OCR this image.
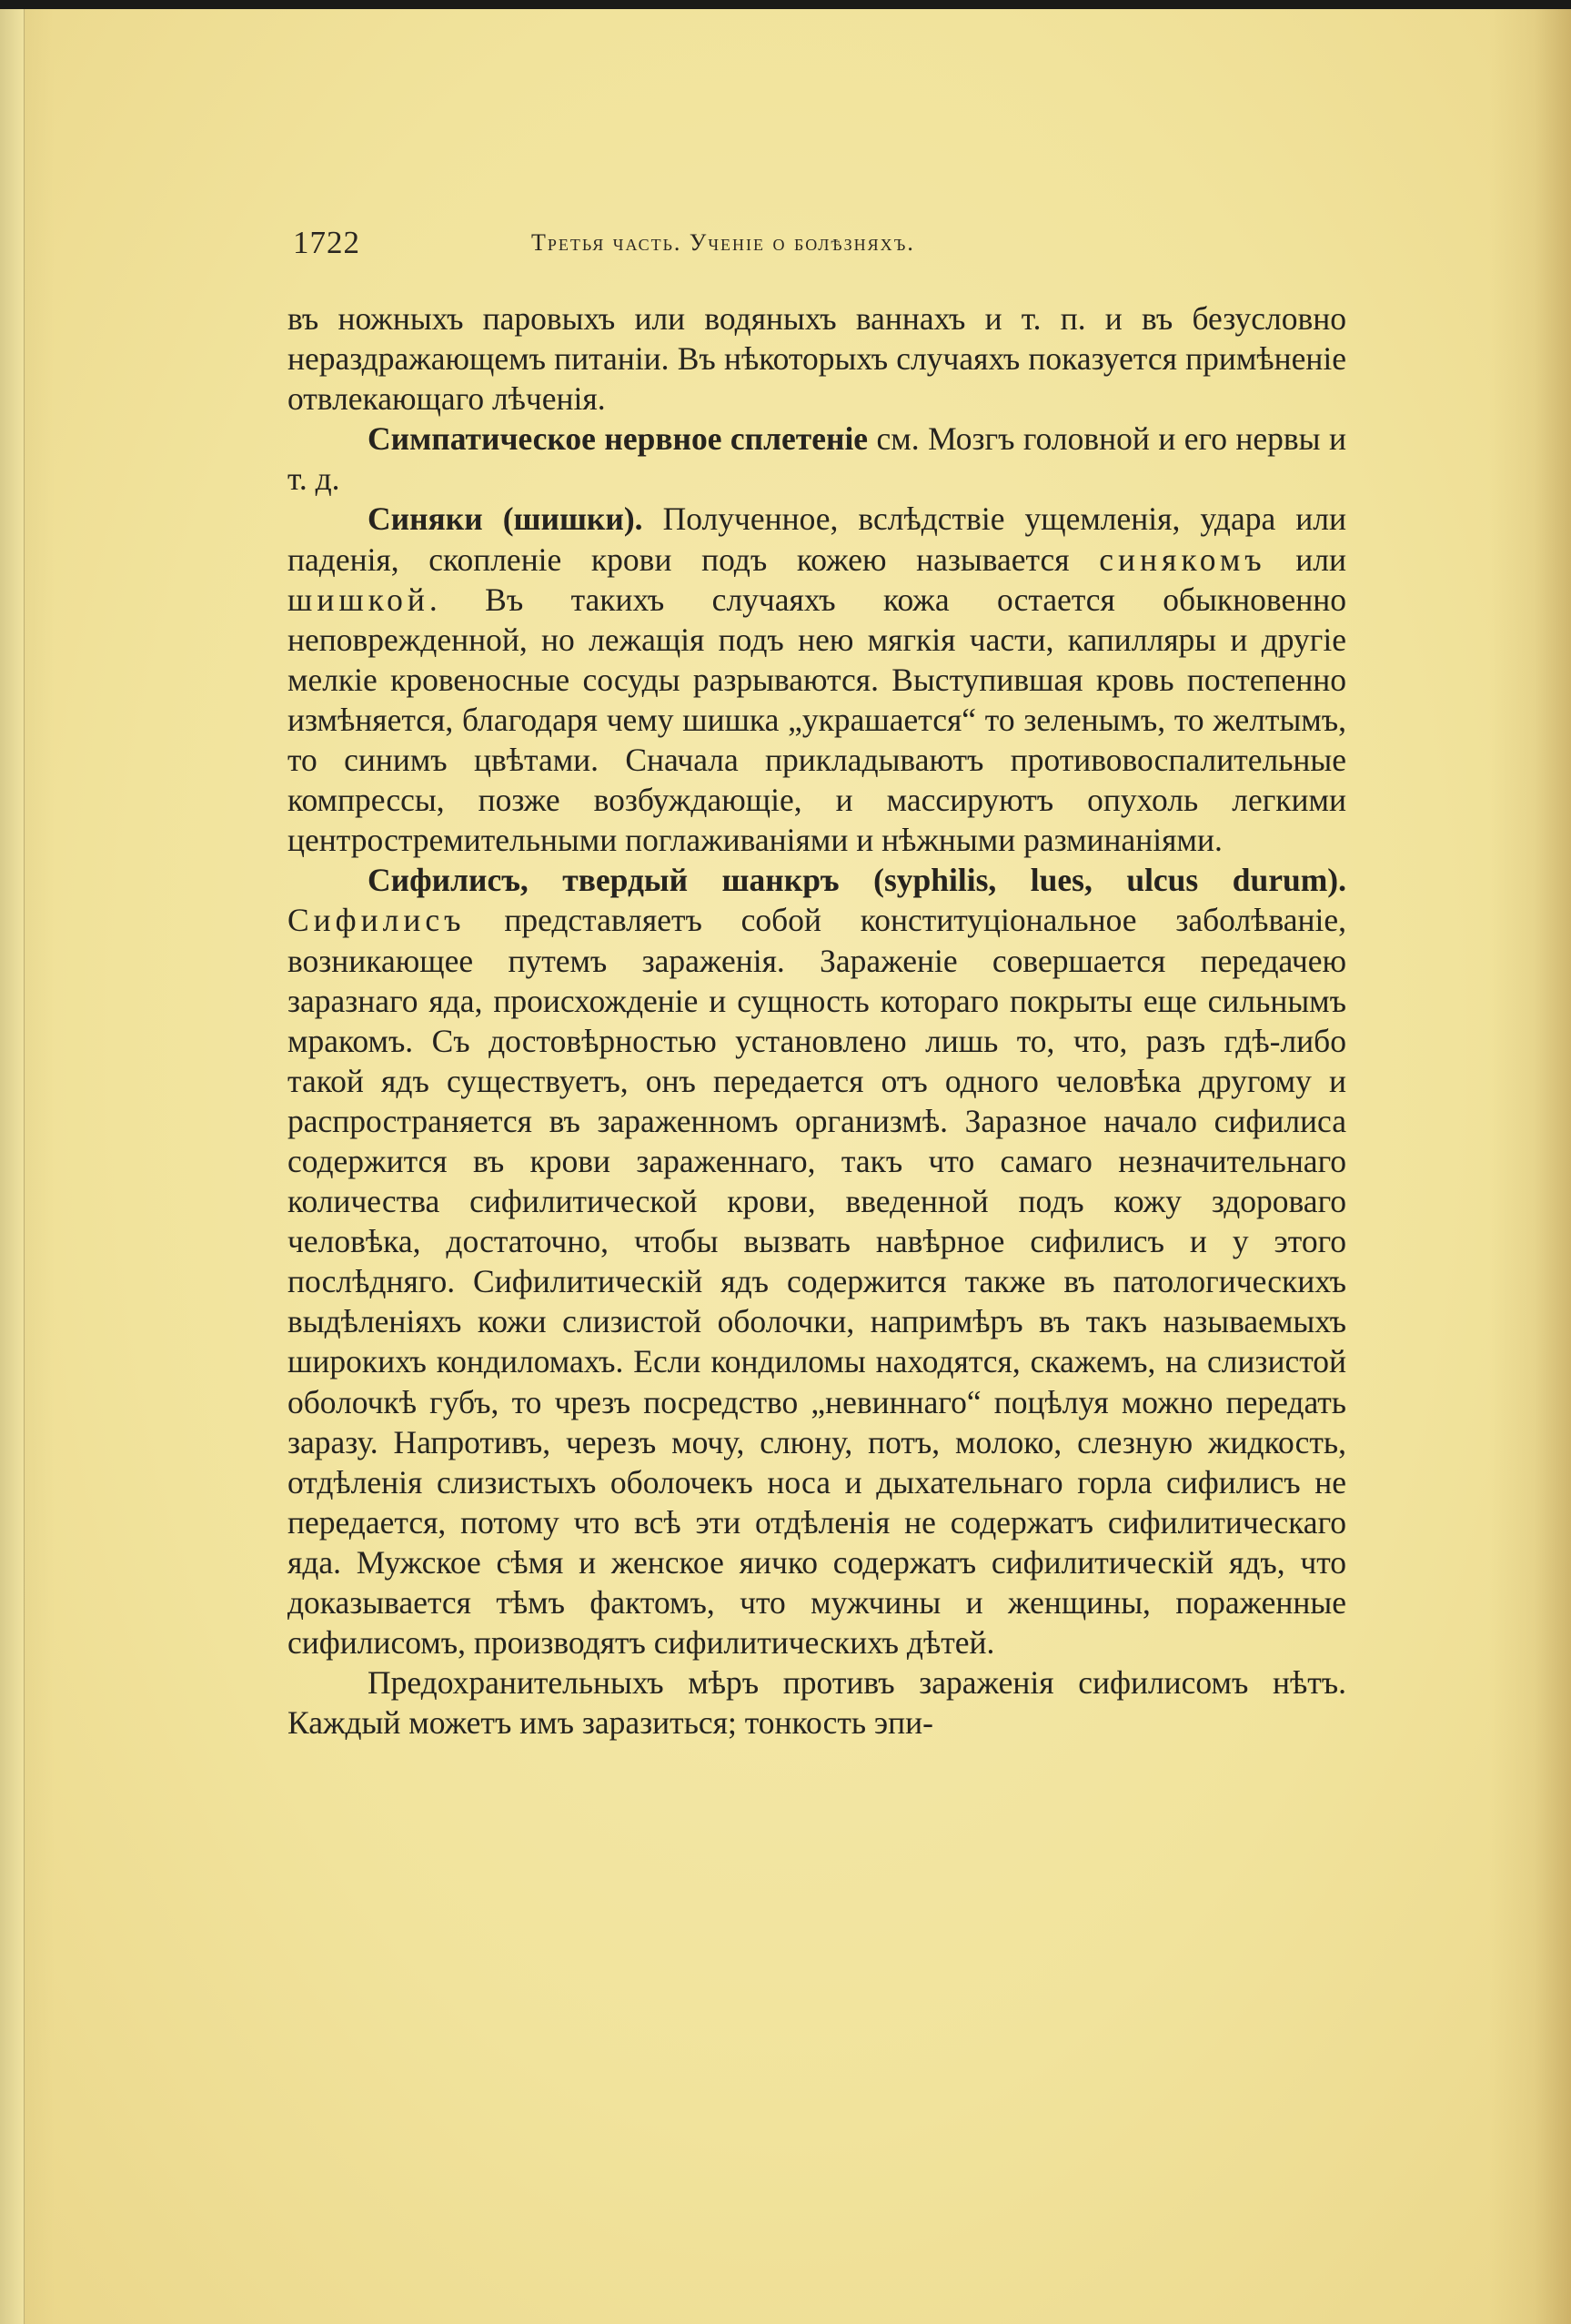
1722	Третья часть. Ученіе о болѣзняхъ.

въ ножныхъ паровыхъ или водяныхъ ваннахъ и т. п. и въ безусловно нераздражающемъ питаніи. Въ нѣкоторыхъ случаяхъ показуется примѣненіе отвлекающаго лѣченія.

Симпатическое нервное сплетеніе см. Мозгъ головной и его нервы и т. д.

Синяки (шишки). Полученное, вслѣдствіе ущемленія, удара или паденія, скопленіе крови подъ кожею называется синякомъ или шишкой. Въ такихъ случаяхъ кожа остается обыкновенно неповрежденной, но лежащія подъ нею мягкія части, капилляры и другіе мелкіе кровеносные сосуды разрываются. Выступившая кровь постепенно измѣняется, благодаря чему шишка „украшается“ то зеленымъ, то желтымъ, то синимъ цвѣтами. Сначала прикладываютъ противовоспалительные компрессы, позже возбуждающіе, и массируютъ опухоль легкими центростремительными поглаживаніями и нѣжными разминаніями.

Сифилисъ, твердый шанкръ (syphilis, lues, ulcus durum). Сифилисъ представляетъ собой конституціональное заболѣваніе, возникающее путемъ зараженія. Зараженіе совершается передачею заразнаго яда, происхожденіе и сущность котораго покрыты еще сильнымъ мракомъ. Съ достовѣрностью установлено лишь то, что, разъ гдѣ-либо такой ядъ существуетъ, онъ передается отъ одного человѣка другому и распространяется въ зараженномъ организмѣ. Заразное начало сифилиса содержится въ крови зараженнаго, такъ что самаго незначительнаго количества сифилитической крови, введенной подъ кожу здороваго человѣка, достаточно, чтобы вызвать навѣрное сифилисъ и у этого послѣдняго. Сифилитическій ядъ содержится также въ патологическихъ выдѣленіяхъ кожи слизистой оболочки, напримѣръ въ такъ называемыхъ широкихъ кондиломахъ. Если кондиломы находятся, скажемъ, на слизистой оболочкѣ губъ, то чрезъ посредство „невиннаго“ поцѣлуя можно передать заразу. Напротивъ, черезъ мочу, слюну, потъ, молоко, слезную жидкость, отдѣленія слизистыхъ оболочекъ носа и дыхательнаго горла сифилисъ не передается, потому что всѣ эти отдѣленія не содержатъ сифилитическаго яда. Мужское сѣмя и женское яичко содержатъ сифилитическій ядъ, что доказывается тѣмъ фактомъ, что мужчины и женщины, пораженные сифилисомъ, производятъ сифилитическихъ дѣтей.

Предохранительныхъ мѣръ противъ зараженія сифилисомъ нѣтъ. Каждый можетъ имъ заразиться; тонкость эпи-
